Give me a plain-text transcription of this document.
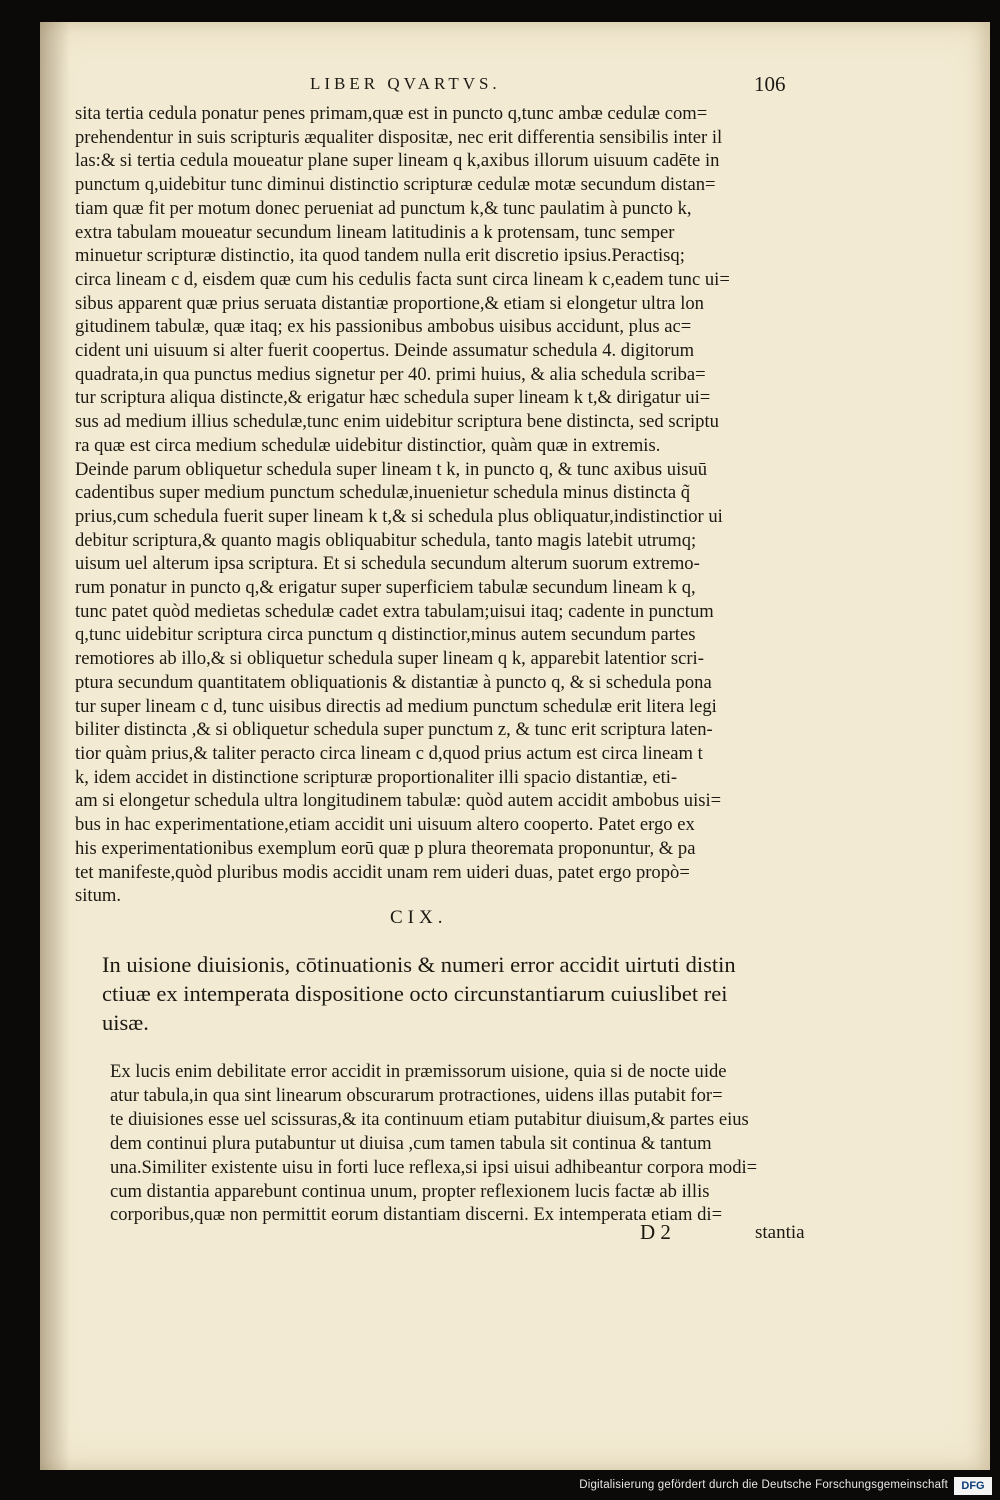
LIBER QVARTVS.	106
sita tertia cedula ponatur penes primam,quæ est in puncto q,tunc ambæ cedulæ com=
prehendentur in suis scripturis æqualiter dispositæ, nec erit differentia sensibilis inter il
las:& si tertia cedula moueatur plane super lineam q k,axibus illorum uisuum cadēte in
punctum q,uidebitur tunc diminui distinctio scripturæ cedulæ motæ secundum distan=
tiam quæ fit per motum donec perueniat ad punctum k,& tunc paulatim à puncto k,
extra tabulam moueatur secundum lineam latitudinis a k protensam, tunc semper
minuetur scripturæ distinctio, ita quod tandem nulla erit discretio ipsius.Peractisq;
circa lineam c d, eisdem quæ cum his cedulis facta sunt circa lineam k c,eadem tunc ui=
sibus apparent quæ prius seruata distantiæ proportione,& etiam si elongetur ultra lon
gitudinem tabulæ, quæ itaq; ex his passionibus ambobus uisibus accidunt, plus ac=
cident uni uisuum si alter fuerit coopertus. Deinde assumatur schedula 4. digitorum
quadrata,in qua punctus medius signetur per 40. primi huius, & alia schedula scriba=
tur scriptura aliqua distincte,& erigatur hæc schedula super lineam k t,& dirigatur ui=
sus ad medium illius schedulæ,tunc enim uidebitur scriptura bene distincta, sed scriptu
ra quæ est circa medium schedulæ uidebitur distinctior, quàm quæ in extremis.
Deinde parum obliquetur schedula super lineam t k, in puncto q, & tunc axibus uisuū
cadentibus super medium punctum schedulæ,inuenietur schedula minus distincta q̃
prius,cum schedula fuerit super lineam k t,& si schedula plus obliquatur,indistinctior ui
debitur scriptura,& quanto magis obliquabitur schedula, tanto magis latebit utrumq;
uisum uel alterum ipsa scriptura. Et si schedula secundum alterum suorum extremo-
rum ponatur in puncto q,& erigatur super superficiem tabulæ secundum lineam k q,
tunc patet quòd medietas schedulæ cadet extra tabulam;uisui itaq; cadente in punctum
q,tunc uidebitur scriptura circa punctum q distinctior,minus autem secundum partes
remotiores ab illo,& si obliquetur schedula super lineam q k, apparebit latentior scri-
ptura secundum quantitatem obliquationis & distantiæ à puncto q, & si schedula pona
tur super lineam c d, tunc uisibus directis ad medium punctum schedulæ erit litera legi
biliter distincta ,& si obliquetur schedula super punctum z, & tunc erit scriptura laten-
tior quàm prius,& taliter peracto circa lineam c d,quod prius actum est circa lineam t
k, idem accidet in distinctione scripturæ proportionaliter illi spacio distantiæ, eti-
am si elongetur schedula ultra longitudinem tabulæ: quòd autem accidit ambobus uisi=
bus in hac experimentatione,etiam accidit uni uisuum altero cooperto. Patet ergo ex
his experimentationibus exemplum eorū quæ p plura theoremata proponuntur, & pa
tet manifeste,quòd pluribus modis accidit unam rem uideri duas, patet ergo propò=
situm.
CIX.
In uisione diuisionis, cōtinuationis & numeri error accidit uirtuti distin
ctiuæ ex intemperata dispositione octo circunstantiarum cuiuslibet rei
uisæ.
Ex lucis enim debilitate error accidit in præmissorum uisione, quia si de nocte uide
atur tabula,in qua sint linearum obscurarum protractiones, uidens illas putabit for=
te diuisiones esse uel scissuras,& ita continuum etiam putabitur diuisum,& partes eius
dem continui plura putabuntur ut diuisa ,cum tamen tabula sit continua & tantum
una.Similiter existente uisu in forti luce reflexa,si ipsi uisui adhibeantur corpora modi=
cum distantia apparebunt continua unum, propter reflexionem lucis factæ ab illis
corporibus,quæ non permittit eorum distantiam discerni. Ex intemperata etiam di=
D 2	stantia
Digitalisierung gefördert durch die Deutsche Forschungsgemeinschaft	DFG
